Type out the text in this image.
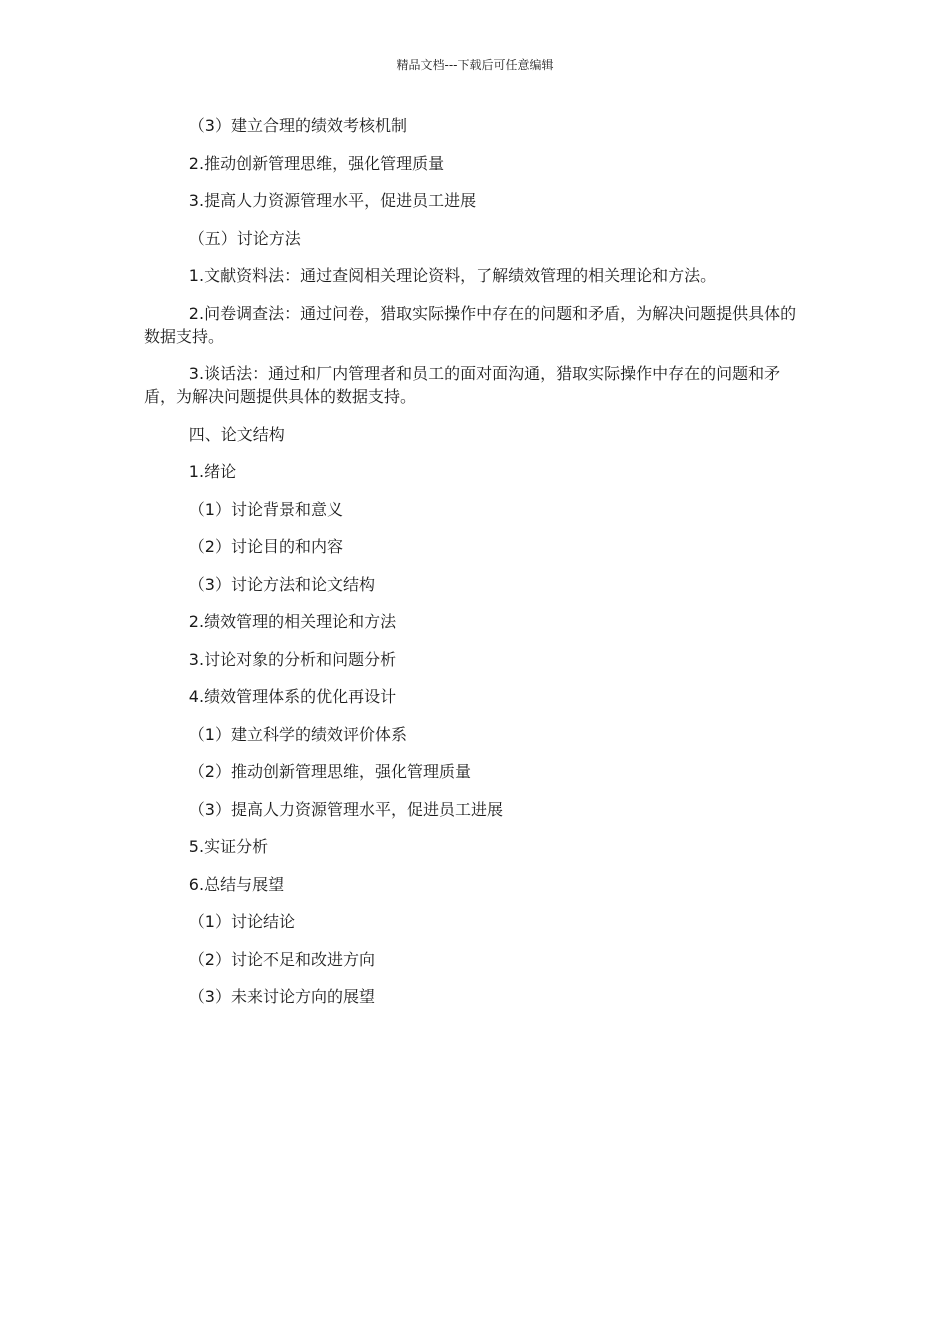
精品文档---下载后可任意编辑

（3）建立合理的绩效考核机制

2.推动创新管理思维，强化管理质量

3.提高人力资源管理水平，促进员工进展

（五）讨论方法

1.文献资料法：通过查阅相关理论资料，了解绩效管理的相关理论和方法。

2.问卷调查法：通过问卷，猎取实际操作中存在的问题和矛盾，为解决问题提供具体的数据支持。

3.谈话法：通过和厂内管理者和员工的面对面沟通，猎取实际操作中存在的问题和矛盾，为解决问题提供具体的数据支持。

四、论文结构

1.绪论

（1）讨论背景和意义

（2）讨论目的和内容

（3）讨论方法和论文结构

2.绩效管理的相关理论和方法

3.讨论对象的分析和问题分析

4.绩效管理体系的优化再设计

（1）建立科学的绩效评价体系

（2）推动创新管理思维，强化管理质量

（3）提高人力资源管理水平，促进员工进展

5.实证分析

6.总结与展望

（1）讨论结论

（2）讨论不足和改进方向

（3）未来讨论方向的展望
